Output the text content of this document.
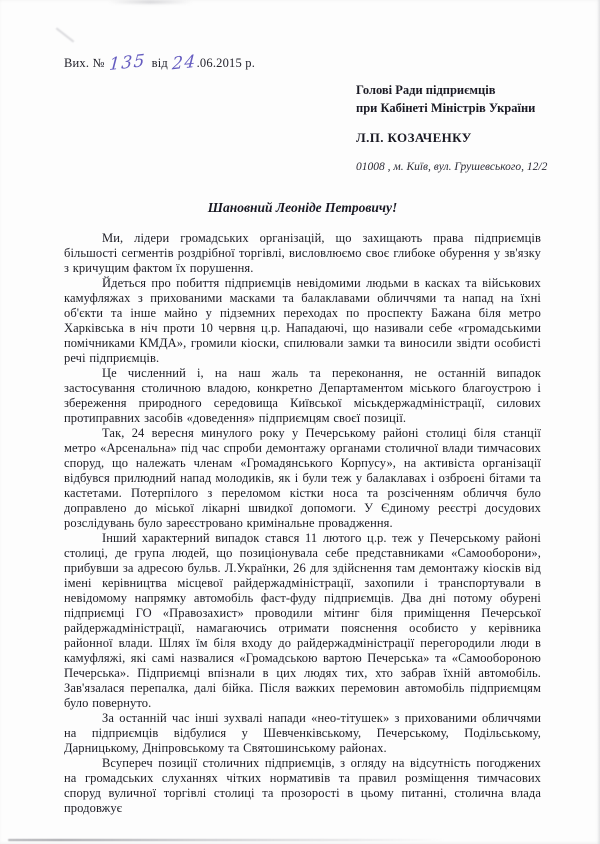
Вих. № 135 від 24.06.2015 р.
Голові Ради підприємців
при Кабінеті Міністрів України
Л.П. КОЗАЧЕНКУ
01008 , м. Київ, вул. Грушевського, 12/2
Шановний Леоніде Петровичу!

Ми, лідери громадських організацій, що захищають права підприємців більшості сегментів роздрібної торгівлі, висловлюємо своє глибоке обурення у зв'язку з кричущим фактом їх порушення.

Йдеться про побиття підприємців невідомими людьми в касках та військових камуфляжах з прихованими масками та балаклавами обличчями та напад на їхні об'єкти та інше майно у підземних переходах по проспекту Бажана біля метро Харківська в ніч проти 10 червня ц.р. Нападаючі, що називали себе «громадськими помічниками КМДА», громили кіоски, спилювали замки та виносили звідти особисті речі підприємців.

Це численний і, на наш жаль та переконання, не останній випадок застосування столичною владою, конкретно Департаментом міського благоустрою і збереження природного середовища Київської міськдержадміністрації, силових протиправних засобів «доведення» підприємцям своєї позиції.

Так, 24 вересня минулого року у Печерському районі столиці біля станції метро «Арсенальна» під час спроби демонтажу органами столичної влади тимчасових споруд, що належать членам «Громадянського Корпусу», на активіста організації відбувся прилюдний напад молодиків, як і були теж у балаклавах і озброєні бітами та кастетами. Потерпілого з переломом кістки носа та розсіченням обличчя було доправлено до міської лікарні швидкої допомоги. У Єдиному реєстрі досудових розслідувань було зареєстровано кримінальне провадження.

Інший характерний випадок стався 11 лютого ц.р. теж у Печерському районі столиці, де група людей, що позиціонувала себе представниками «Самооборони», прибувши за адресою бульв. Л.Українки, 26 для здійснення там демонтажу кіосків від імені керівництва місцевої райдержадміністрації, захопили і транспортували в невідомому напрямку автомобіль фаст-фуду підприємців. Два дні потому обурені підприємці ГО «Правозахист» проводили мітинг біля приміщення Печерської райдержадміністрації, намагаючись отримати пояснення особисто у керівника районної влади. Шлях їм біля входу до райдержадміністрації перегородили люди в камуфляжі, які самі назвалися «Громадською вартою Печерська» та «Самообороною Печерська». Підприємці впізнали в цих людях тих, хто забрав їхній автомобіль. Зав'язалася перепалка, далі бійка. Після важких перемовин автомобіль підприємцям було повернуто.

За останній час інші зухвалі напади «нео-тітушек» з прихованими обличчями на підприємців відбулися у Шевченківському, Печерському, Подільському, Дарницькому, Дніпровському та Святошинському районах.

Всупереч позиції столичних підприємців, з огляду на відсутність погоджених на громадських слуханнях чітких нормативів та правил розміщення тимчасових споруд вуличної торгівлі столиці та прозорості в цьому питанні, столична влада продовжує
